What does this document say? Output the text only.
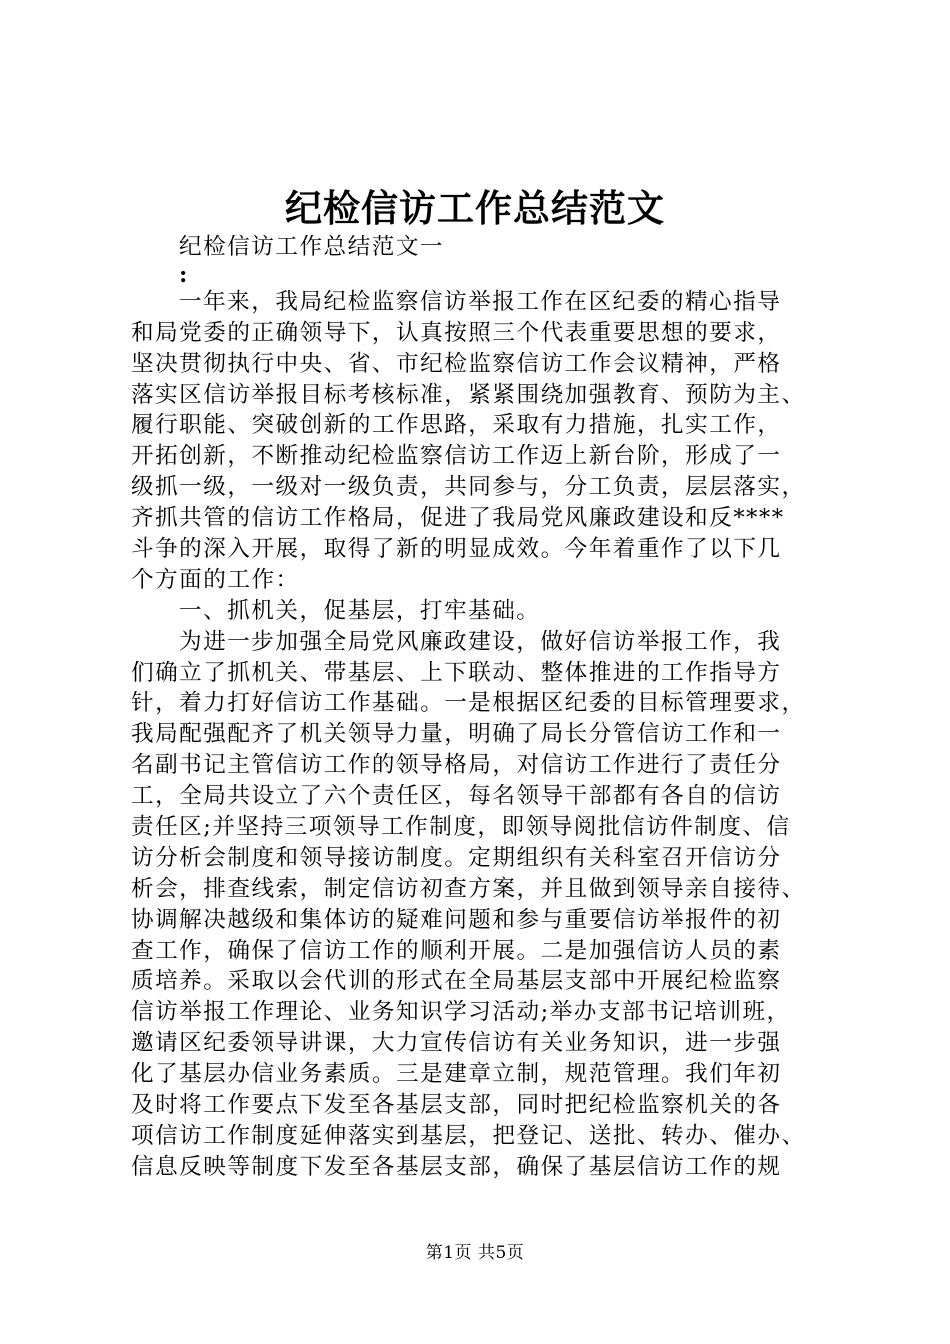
纪检信访工作总结范文
纪检信访工作总结范文一
:
一年来，我局纪检监察信访举报工作在区纪委的精心指导
和局党委的正确领导下，认真按照三个代表重要思想的要求，
坚决贯彻执行中央、省、市纪检监察信访工作会议精神，严格
落实区信访举报目标考核标准，紧紧围绕加强教育、预防为主、
履行职能、突破创新的工作思路，采取有力措施，扎实工作，
开拓创新，不断推动纪检监察信访工作迈上新台阶，形成了一
级抓一级，一级对一级负责，共同参与，分工负责，层层落实，
齐抓共管的信访工作格局，促进了我局党风廉政建设和反****
斗争的深入开展，取得了新的明显成效。今年着重作了以下几
个方面的工作：
一、抓机关，促基层，打牢基础。
为进一步加强全局党风廉政建设，做好信访举报工作，我
们确立了抓机关、带基层、上下联动、整体推进的工作指导方
针，着力打好信访工作基础。一是根据区纪委的目标管理要求，
我局配强配齐了机关领导力量，明确了局长分管信访工作和一
名副书记主管信访工作的领导格局，对信访工作进行了责任分
工，全局共设立了六个责任区，每名领导干部都有各自的信访
责任区;并坚持三项领导工作制度，即领导阅批信访件制度、信
访分析会制度和领导接访制度。定期组织有关科室召开信访分
析会，排查线索，制定信访初查方案，并且做到领导亲自接待、
协调解决越级和集体访的疑难问题和参与重要信访举报件的初
查工作，确保了信访工作的顺利开展。二是加强信访人员的素
质培养。采取以会代训的形式在全局基层支部中开展纪检监察
信访举报工作理论、业务知识学习活动;举办支部书记培训班，
邀请区纪委领导讲课，大力宣传信访有关业务知识，进一步强
化了基层办信业务素质。三是建章立制，规范管理。我们年初
及时将工作要点下发至各基层支部，同时把纪检监察机关的各
项信访工作制度延伸落实到基层，把登记、送批、转办、催办、
信息反映等制度下发至各基层支部，确保了基层信访工作的规
第1页 共5页
